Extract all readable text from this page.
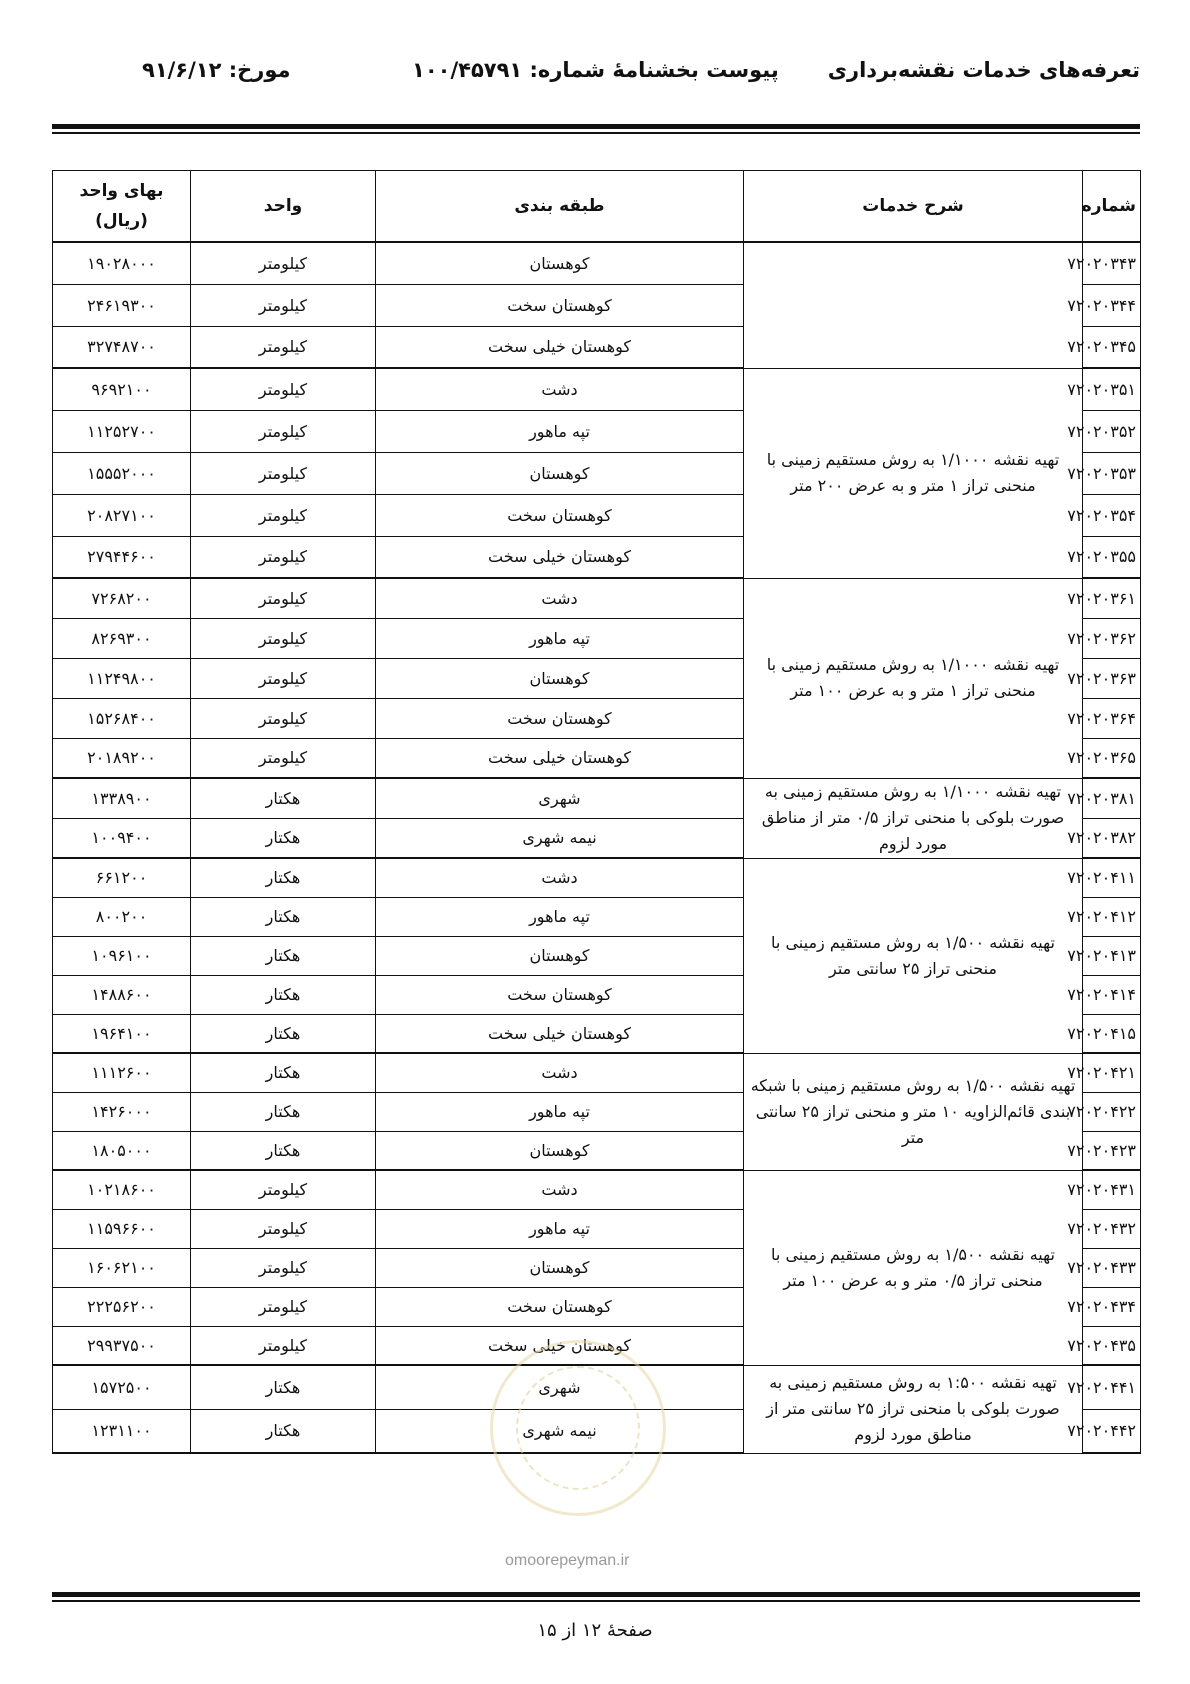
تعرفه‌های خدمات نقشه‌برداری
پیوست بخشنامهٔ شماره: ۱۰۰/۴۵۷۹۱
مورخ: ۹۱/۶/۱۲
شماره	شرح خدمات	طبقه بندی	واحد	بهای واحد
(ریال)

۷۲۰۲۰۳۴۳		کوهستان	کیلومتر	۱۹۰۲۸۰۰۰
۷۲۰۲۰۳۴۴		کوهستان سخت	کیلومتر	۲۴۶۱۹۳۰۰
۷۲۰۲۰۳۴۵		کوهستان خیلی سخت	کیلومتر	۳۲۷۴۸۷۰۰
۷۲۰۲۰۳۵۱	تهیه نقشه ۱/۱۰۰۰ به روش مستقیم زمینی با منحنی تراز ۱ متر و به عرض ۲۰۰ متر	دشت	کیلومتر	۹۶۹۲۱۰۰
۷۲۰۲۰۳۵۲		تپه ماهور	کیلومتر	۱۱۲۵۲۷۰۰
۷۲۰۲۰۳۵۳		کوهستان	کیلومتر	۱۵۵۵۲۰۰۰
۷۲۰۲۰۳۵۴		کوهستان سخت	کیلومتر	۲۰۸۲۷۱۰۰
۷۲۰۲۰۳۵۵		کوهستان خیلی سخت	کیلومتر	۲۷۹۴۴۶۰۰
۷۲۰۲۰۳۶۱	تهیه نقشه ۱/۱۰۰۰ به روش مستقیم زمینی با منحنی تراز ۱ متر و به عرض ۱۰۰ متر	دشت	کیلومتر	۷۲۶۸۲۰۰
۷۲۰۲۰۳۶۲		تپه ماهور	کیلومتر	۸۲۶۹۳۰۰
۷۲۰۲۰۳۶۳		کوهستان	کیلومتر	۱۱۲۴۹۸۰۰
۷۲۰۲۰۳۶۴		کوهستان سخت	کیلومتر	۱۵۲۶۸۴۰۰
۷۲۰۲۰۳۶۵		کوهستان خیلی سخت	کیلومتر	۲۰۱۸۹۲۰۰
۷۲۰۲۰۳۸۱	تهیه نقشه ۱/۱۰۰۰ به روش مستقیم زمینی به صورت بلوکی با منحنی تراز ۰/۵ متر از مناطق مورد لزوم	شهری	هکتار	۱۳۳۸۹۰۰
۷۲۰۲۰۳۸۲		نیمه شهری	هکتار	۱۰۰۹۴۰۰
۷۲۰۲۰۴۱۱	تهیه نقشه ۱/۵۰۰ به روش مستقیم زمینی با منحنی تراز ۲۵ سانتی متر	دشت	هکتار	۶۶۱۲۰۰
۷۲۰۲۰۴۱۲		تپه ماهور	هکتار	۸۰۰۲۰۰
۷۲۰۲۰۴۱۳		کوهستان	هکتار	۱۰۹۶۱۰۰
۷۲۰۲۰۴۱۴		کوهستان سخت	هکتار	۱۴۸۸۶۰۰
۷۲۰۲۰۴۱۵		کوهستان خیلی سخت	هکتار	۱۹۶۴۱۰۰
۷۲۰۲۰۴۲۱	تهیه نقشه ۱/۵۰۰ به روش مستقیم زمینی با شبکه بندی قائم‌الزاویه ۱۰ متر و منحنی تراز ۲۵ سانتی متر	دشت	هکتار	۱۱۱۲۶۰۰
۷۲۰۲۰۴۲۲		تپه ماهور	هکتار	۱۴۲۶۰۰۰
۷۲۰۲۰۴۲۳		کوهستان	هکتار	۱۸۰۵۰۰۰
۷۲۰۲۰۴۳۱	تهیه نقشه ۱/۵۰۰ به روش مستقیم زمینی با منحنی تراز ۰/۵ متر و به عرض ۱۰۰ متر	دشت	کیلومتر	۱۰۲۱۸۶۰۰
۷۲۰۲۰۴۳۲		تپه ماهور	کیلومتر	۱۱۵۹۶۶۰۰
۷۲۰۲۰۴۳۳		کوهستان	کیلومتر	۱۶۰۶۲۱۰۰
۷۲۰۲۰۴۳۴		کوهستان سخت	کیلومتر	۲۲۲۵۶۲۰۰
۷۲۰۲۰۴۳۵		کوهستان خیلی سخت	کیلومتر	۲۹۹۳۷۵۰۰
۷۲۰۲۰۴۴۱	تهیه نقشه ۱:۵۰۰ به روش مستقیم زمینی به صورت بلوکی با منحنی تراز ۲۵ سانتی متر از مناطق مورد لزوم	شهری	هکتار	۱۵۷۲۵۰۰
۷۲۰۲۰۴۴۲		نیمه شهری	هکتار	۱۲۳۱۱۰۰
omoorepeyman.ir
صفحهٔ ۱۲ از ۱۵
